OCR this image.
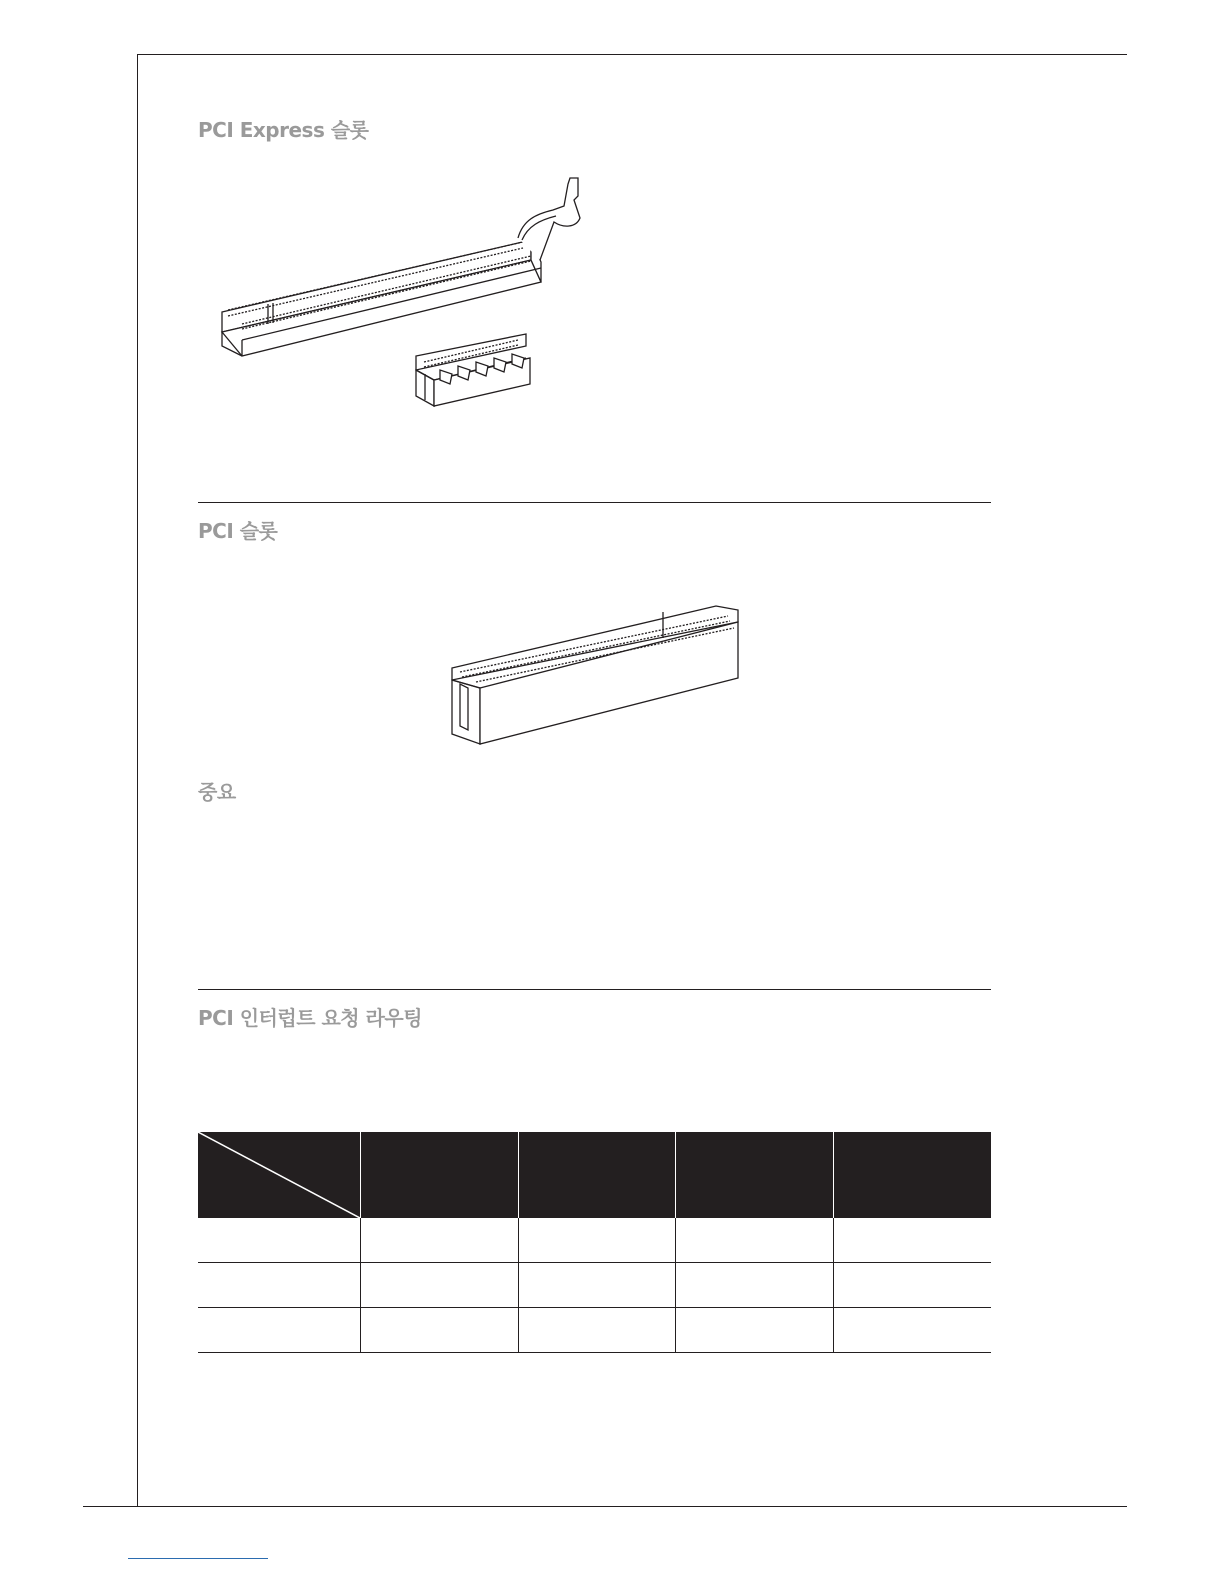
PCI Express 슬롯
PCI 슬롯
중요
PCI 인터럽트 요청 라우팅
